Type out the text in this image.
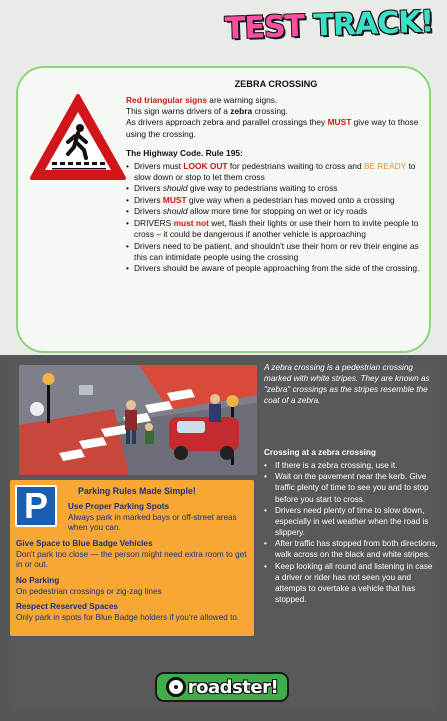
TEST TRACK!
ZEBRA CROSSING

Red triangular signs are warning signs.

This sign warns drivers of a zebra crossing.

As drivers approach zebra and parallel crossings they MUST give way to those using the crossing.

The Highway Code. Rule 195:
• Drivers must LOOK OUT for pedestrians waiting to cross and BE READY to slow down or stop to let them cross
• Drivers should give way to pedestrians waiting to cross
• Drivers MUST give way when a pedestrian has moved onto a crossing
• Drivers should allow more time for stopping on wet or icy roads
• DRIVERS must not wet, flash their lights or use their horn to invite people to cross – it could be dangerous if another vehicle is approaching
• Drivers need to be patient, and shouldn't use their horn or rev their engine as this can intimidate people using the crossing
• Drivers should be aware of people approaching from the side of the crossing.
A zebra crossing is a pedestrian crossing marked with white stripes. They are known as "zebra" crossings as the stripes resemble the coat of a zebra.
Crossing at a zebra crossing
• If there is a zebra crossing, use it.
• Wait on the pavement near the kerb. Give traffic plenty of time to see you and to stop before you start to cross.
• Drivers need plenty of time to slow down, especially in wet weather when the road is slippery.
• After traffic has stopped from both directions, walk across on the black and white stripes.
• Keep looking all round and listening in case a driver or rider has not seen you and attempts to overtake a vehicle that has stopped.
P	Parking Rules Made Simple!
Use Proper Parking Spots
Always park in marked bays or off-street areas when you can.
Give Space to Blue Badge Vehicles
Don't park too close — the person might need extra room to get in or out.
No Parking
On pedestrian crossings or zig-zag lines
Respect Reserved Spaces
Only park in spots for Blue Badge holders if you're allowed to.
roadster!
